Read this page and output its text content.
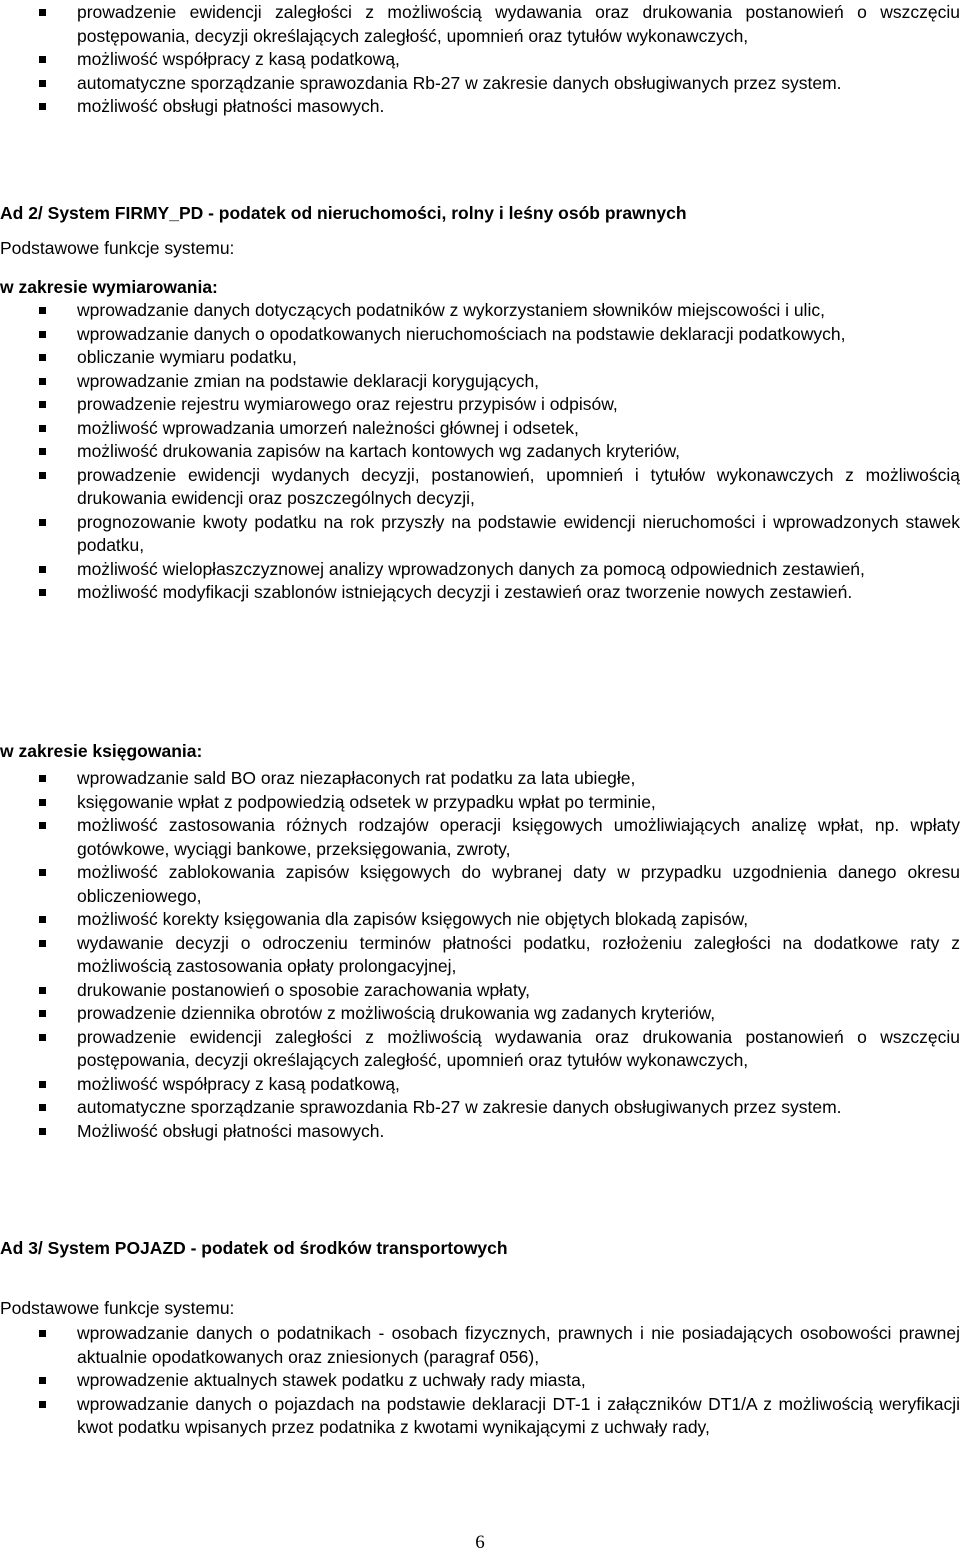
prowadzenie ewidencji zaległości z możliwością wydawania oraz drukowania postanowień o wszczęciu postępowania, decyzji określających zaległość, upomnień oraz tytułów wykonawczych,
możliwość współpracy z kasą podatkową,
automatyczne sporządzanie sprawozdania Rb-27 w zakresie danych obsługiwanych przez system.
możliwość obsługi płatności masowych.
Ad 2/ System FIRMY_PD - podatek od nieruchomości, rolny i leśny osób prawnych
Podstawowe funkcje systemu:
w zakresie wymiarowania:
wprowadzanie danych dotyczących podatników z wykorzystaniem słowników miejscowości i ulic,
wprowadzanie danych o opodatkowanych nieruchomościach na podstawie deklaracji podatkowych,
obliczanie wymiaru podatku,
wprowadzanie zmian na podstawie deklaracji korygujących,
prowadzenie rejestru wymiarowego oraz rejestru przypisów i odpisów,
możliwość wprowadzania umorzeń należności głównej i odsetek,
możliwość drukowania zapisów na kartach kontowych wg zadanych kryteriów,
prowadzenie ewidencji wydanych decyzji, postanowień, upomnień i tytułów wykonawczych z możliwością drukowania ewidencji oraz poszczególnych decyzji,
prognozowanie kwoty podatku na rok przyszły na podstawie ewidencji nieruchomości i wprowadzonych stawek podatku,
możliwość wielopłaszczyznowej analizy wprowadzonych danych za pomocą odpowiednich zestawień,
możliwość modyfikacji szablonów istniejących decyzji i zestawień oraz tworzenie nowych zestawień.
w zakresie księgowania:
wprowadzanie sald BO oraz niezapłaconych rat podatku za lata ubiegłe,
księgowanie wpłat z podpowiedzią odsetek w przypadku wpłat po terminie,
możliwość zastosowania różnych rodzajów operacji księgowych umożliwiających analizę wpłat, np. wpłaty gotówkowe, wyciągi bankowe, przeksięgowania, zwroty,
możliwość zablokowania zapisów księgowych do wybranej daty w przypadku uzgodnienia danego okresu obliczeniowego,
możliwość korekty księgowania dla zapisów księgowych nie objętych blokadą zapisów,
wydawanie decyzji o odroczeniu terminów płatności podatku, rozłożeniu zaległości na dodatkowe raty z możliwością zastosowania opłaty prolongacyjnej,
drukowanie postanowień o sposobie zarachowania wpłaty,
prowadzenie dziennika obrotów z możliwością drukowania wg zadanych kryteriów,
prowadzenie ewidencji zaległości z możliwością wydawania oraz drukowania postanowień o wszczęciu postępowania, decyzji określających zaległość, upomnień oraz tytułów wykonawczych,
możliwość współpracy z kasą podatkową,
automatyczne sporządzanie sprawozdania Rb-27 w zakresie danych obsługiwanych przez system.
Możliwość obsługi płatności masowych.
Ad 3/ System POJAZD - podatek od środków transportowych
Podstawowe funkcje systemu:
wprowadzanie danych o podatnikach - osobach fizycznych, prawnych i nie posiadających osobowości prawnej aktualnie opodatkowanych oraz zniesionych (paragraf 056),
wprowadzenie aktualnych stawek podatku z uchwały rady miasta,
wprowadzanie danych o pojazdach na podstawie deklaracji DT-1 i załączników DT1/A z możliwością weryfikacji kwot podatku wpisanych przez podatnika z kwotami wynikającymi z uchwały rady,
6
